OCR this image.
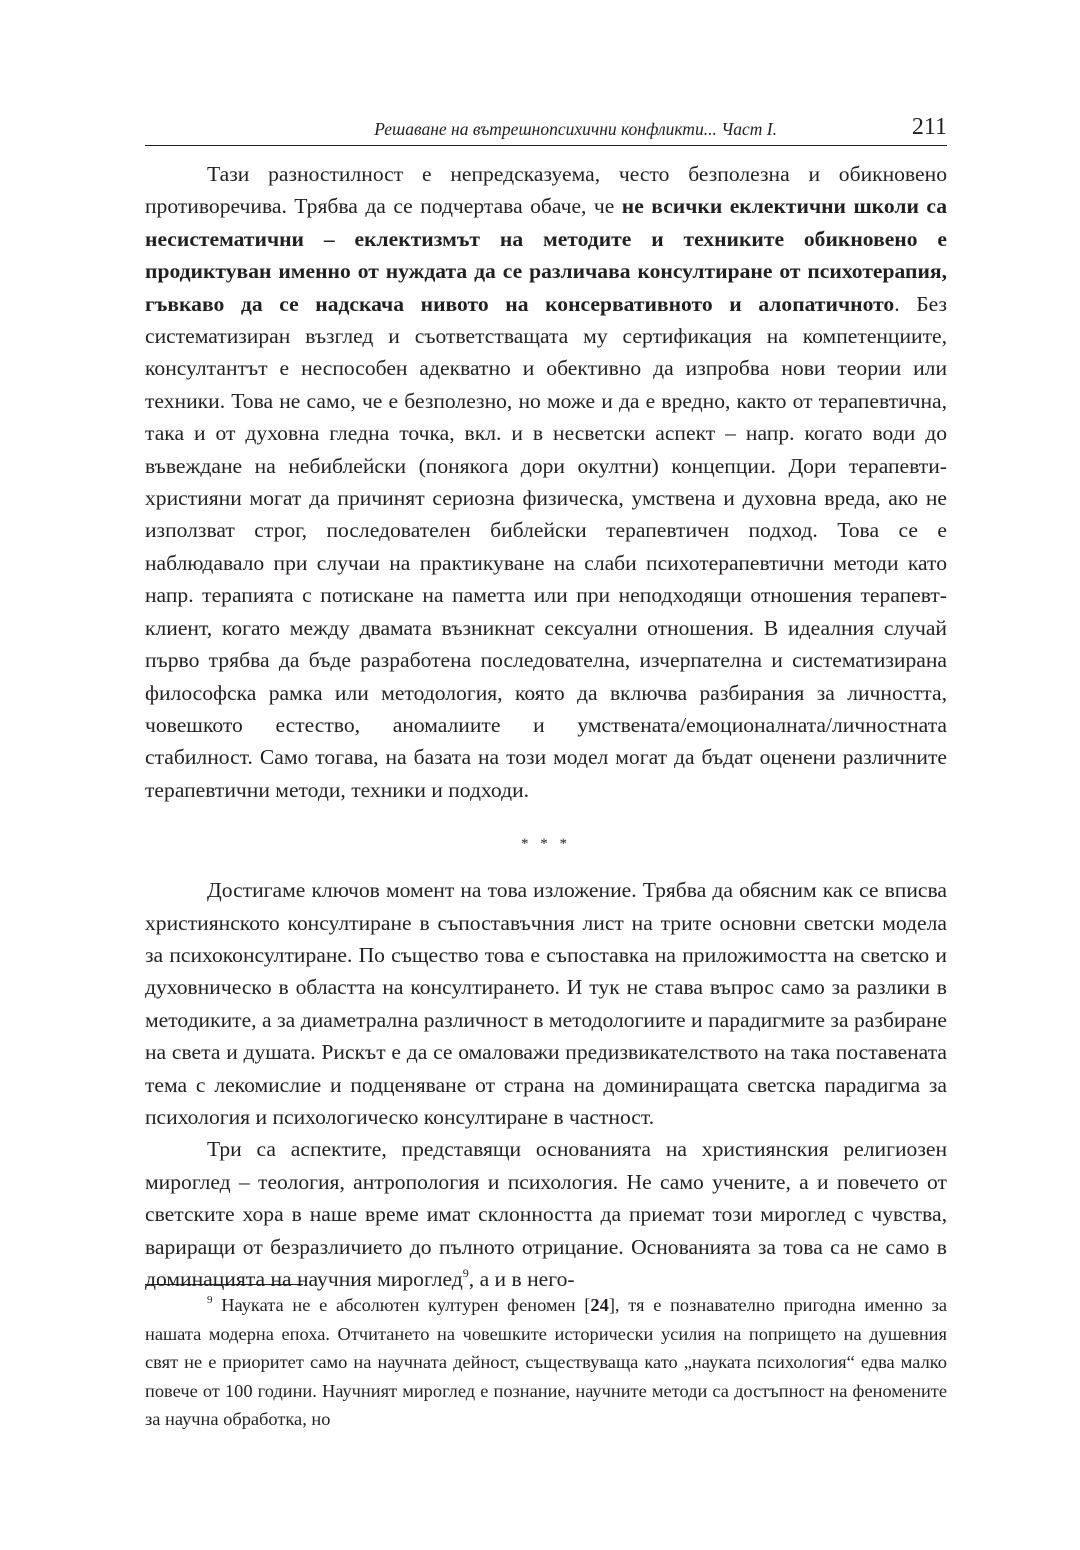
Решаване на вътрешнопсихични конфликти... Част I.	211

Тази разностилност е непредсказуема, често безполезна и обикновено противоречива. Трябва да се подчертава обаче, че не всички еклектични школи са несистематични – еклектизмът на методите и техниките обикновено е продиктуван именно от нуждата да се различава консултиране от психотерапия, гъвкаво да се надскача нивото на консервативното и алопатичното. Без систематизиран възглед и съответстващата му сертификация на компетенциите, консултантът е неспособен адекватно и обективно да изпробва нови теории или техники. Това не само, че е безполезно, но може и да е вредно, както от терапевтична, така и от духовна гледна точка, вкл. и в несветски аспект – напр. когато води до въвеждане на небиблейски (понякога дори окултни) концепции. Дори терапевти-християни могат да причинят сериозна физическа, умствена и духовна вреда, ако не използват строг, последователен библейски терапевтичен подход. Това се е наблюдавало при случаи на практикуване на слаби психотерапевтични методи като напр. терапията с потискане на паметта или при неподходящи отношения терапевт-клиент, когато между двамата възникнат сексуални отношения. В идеалния случай първо трябва да бъде разработена последователна, изчерпателна и систематизирана философска рамка или методология, която да включва разбирания за личността, човешкото естество, аномалиите и умствената/емоционалната/личностната стабилност. Само тогава, на базата на този модел могат да бъдат оценени различните терапевтични методи, техники и подходи.

* * *

Достигаме ключов момент на това изложение. Трябва да обясним как се вписва християнското консултиране в съпоставъчния лист на трите основни светски модела за психоконсултиране. По същество това е съпоставка на приложимостта на светско и духовническо в областта на консултирането. И тук не става въпрос само за разлики в методиките, а за диаметрална различност в методологиите и парадигмите за разбиране на света и душата. Рискът е да се омаловажи предизвикателството на така поставената тема с лекомислие и подценяване от страна на доминиращата светска парадигма за психология и психологическо консултиране в частност.

Три са аспектите, представящи основанията на християнския религиозен мироглед – теология, антропология и психология. Не само учените, а и повечето от светските хора в наше време имат склонността да приемат този мироглед с чувства, вариращи от безразличието до пълното отрицание. Основанията за това са не само в доминацията на научния мироглед$^9$, а и в него-

$^9$ Науката не е абсолютен културен феномен [24], тя е познавателно пригодна именно за нашата модерна епоха. Отчитането на човешките исторически усилия на попрището на душевния свят не е приоритет само на научната дейност, съществуваща като „науката психология“ едва малко повече от 100 години. Научният мироглед е познание, научните методи са достъпност на феномените за научна обработка, но
